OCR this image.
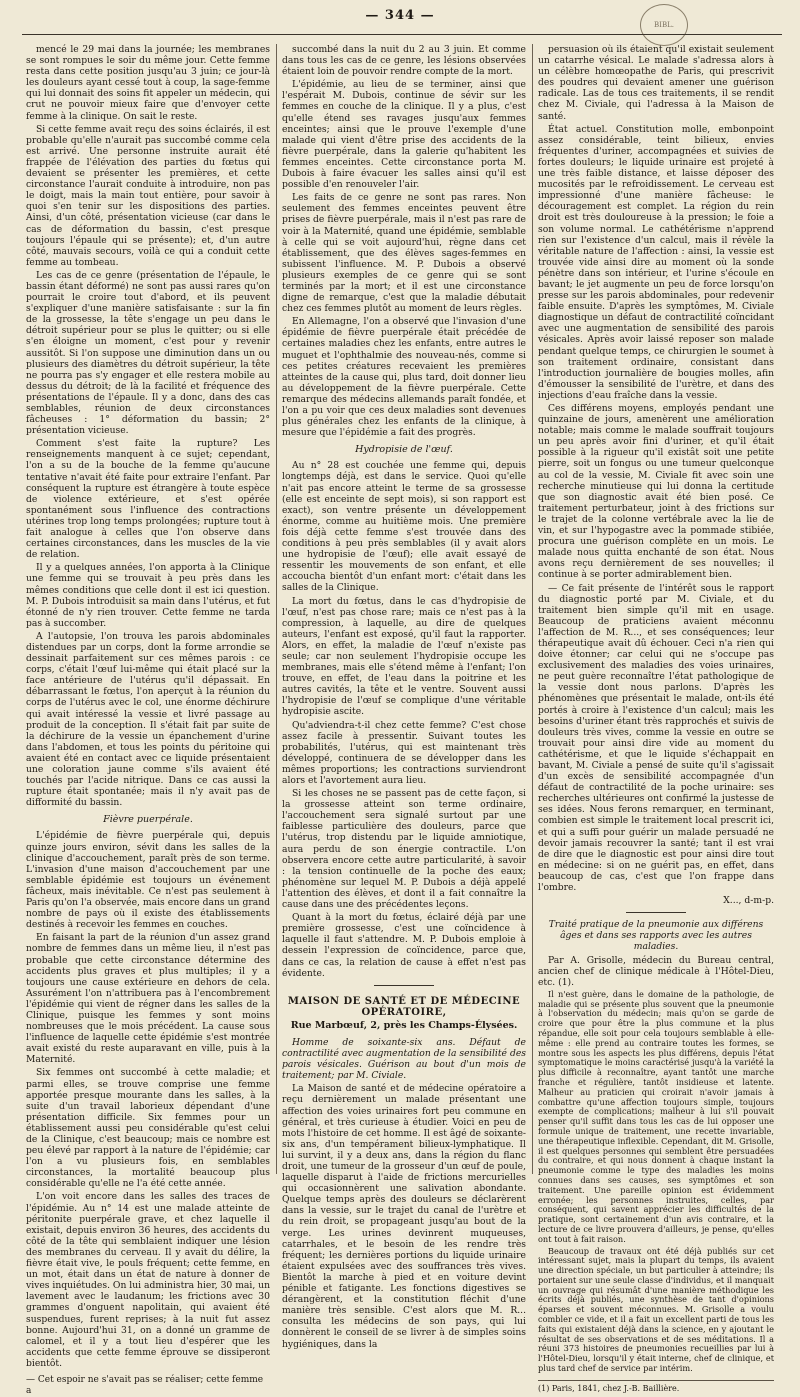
— 344 —
BIBL.

mencé le 29 mai dans la journée; les membranes se sont rompues le soir du même jour. Cette femme resta dans cette position jusqu'au 3 juin; ce jour-là les douleurs ayant cessé tout à coup, la sage-femme qui lui donnait des soins fit appeler un médecin, qui crut ne pouvoir mieux faire que d'envoyer cette femme à la clinique. On sait le reste.

Si cette femme avait reçu des soins éclairés, il est probable qu'elle n'aurait pas succombé comme cela est arrivé. Une personne instruite aurait été frappée de l'élévation des parties du fœtus qui devaient se présenter les premières, et cette circonstance l'aurait conduite à introduire, non pas le doigt, mais la main tout entière, pour savoir à quoi s'en tenir sur les dispositions des parties. Ainsi, d'un côté, présentation vicieuse (car dans le cas de déformation du bassin, c'est presque toujours l'épaule qui se présente); et, d'un autre côté, mauvais secours, voilà ce qui a conduit cette femme au tombeau.

Les cas de ce genre (présentation de l'épaule, le bassin étant déformé) ne sont pas aussi rares qu'on pourrait le croire tout d'abord, et ils peuvent s'expliquer d'une manière satisfaisante : sur la fin de la grossesse, la tête s'engage un peu dans le détroit supérieur pour se plus le quitter; ou si elle s'en éloigne un moment, c'est pour y revenir aussitôt. Si l'on suppose une diminution dans un ou plusieurs des diamètres du détroit supérieur, la tête ne pourra pas s'y engager et elle restera mobile au dessus du détroit; de là la facilité et fréquence des présentations de l'épaule. Il y a donc, dans des cas semblables, réunion de deux circonstances fâcheuses : 1° déformation du bassin; 2° présentation vicieuse.

Comment s'est faite la rupture? Les renseignements manquent à ce sujet; cependant, l'on a su de la bouche de la femme qu'aucune tentative n'avait été faite pour extraire l'enfant. Par conséquent la rupture est étrangère à toute espèce de violence extérieure, et s'est opérée spontanément sous l'influence des contractions utérines trop long temps prolongées; rupture tout à fait analogue à celles que l'on observe dans certaines circonstances, dans les muscles de la vie de relation.

Il y a quelques années, l'on apporta à la Clinique une femme qui se trouvait à peu près dans les mêmes conditions que celle dont il est ici question. M. P. Dubois introduisit sa main dans l'utérus, et fut étonné de n'y rien trouver. Cette femme ne tarda pas à succomber.

A l'autopsie, l'on trouva les parois abdominales distendues par un corps, dont la forme arrondie se dessinait parfaitement sur ces mêmes parois : ce corps, c'était l'œuf lui-même qui était placé sur la face antérieure de l'utérus qu'il dépassait. En débarrassant le fœtus, l'on aperçut à la réunion du corps de l'utérus avec le col, une énorme déchirure qui avait intéressé la vessie et livré passage au produit de la conception. Il s'était fait par suite de la déchirure de la vessie un épanchement d'urine dans l'abdomen, et tous les points du péritoine qui avaient été en contact avec ce liquide présentaient une coloration jaune comme s'ils avaient été touchés par l'acide nitrique. Dans ce cas aussi la rupture était spontanée; mais il n'y avait pas de difformité du bassin.

Fièvre puerpérale.

L'épidémie de fièvre puerpérale qui, depuis quinze jours environ, sévit dans les salles de la clinique d'accouchement, paraît près de son terme. L'invasion d'une maison d'accouchement par une semblable épidémie est toujours un événement fâcheux, mais inévitable. Ce n'est pas seulement à Paris qu'on l'a observée, mais encore dans un grand nombre de pays où il existe des établissements destinés à recevoir les femmes en couches.

En faisant la part de la réunion d'un assez grand nombre de femmes dans un même lieu, il n'est pas probable que cette circonstance détermine des accidents plus graves et plus multiples; il y a toujours une cause extérieure en dehors de cela. Assurément l'on n'attribuera pas à l'encombrement l'épidémie qui vient de régner dans les salles de la Clinique, puisque les femmes y sont moins nombreuses que le mois précédent. La cause sous l'influence de laquelle cette épidémie s'est montrée avait existé du reste auparavant en ville, puis à la Maternité.

Six femmes ont succombé à cette maladie; et parmi elles, se trouve comprise une femme apportée presque mourante dans les salles, à la suite d'un travail laborieux dépendant d'une présentation difficile. Six femmes pour un établissement aussi peu considérable qu'est celui de la Clinique, c'est beaucoup; mais ce nombre est peu élevé par rapport à la nature de l'épidémie; car l'on a vu plusieurs fois, en semblables circonstances, la mortalité beaucoup plus considérable qu'elle ne l'a été cette année.

L'on voit encore dans les salles des traces de l'épidémie. Au n° 14 est une malade atteinte de péritonite puerpérale grave, et chez laquelle il existait, depuis environ 36 heures, des accidents du côté de la tête qui semblaient indiquer une lésion des membranes du cerveau. Il y avait du délire, la fièvre était vive, le pouls fréquent; cette femme, en un mot, était dans un état de nature à donner de vives inquiétudes. On lui administra hier, 30 mai, un lavement avec le laudanum; les frictions avec 30 grammes d'onguent napolitain, qui avaient été suspendues, furent reprises; à la nuit fut assez bonne. Aujourd'hui 31, on a donné un gramme de calomel, et il y a tout lieu d'espérer que les accidents que cette femme éprouve se dissiperont bientôt.

— Cet espoir ne s'avait pas se réaliser; cette femme a

succombé dans la nuit du 2 au 3 juin. Et comme dans tous les cas de ce genre, les lésions observées étaient loin de pouvoir rendre compte de la mort.

L'épidémie, au lieu de se terminer, ainsi que l'espérait M. Dubois, continue de sévir sur les femmes en couche de la clinique. Il y a plus, c'est qu'elle étend ses ravages jusqu'aux femmes enceintes; ainsi que le prouve l'exemple d'une malade qui vient d'être prise des accidents de la fièvre puerpérale, dans la galerie qu'habitent les femmes enceintes. Cette circonstance porta M. Dubois à faire évacuer les salles ainsi qu'il est possible d'en renouveler l'air.

Les faits de ce genre ne sont pas rares. Non seulement des femmes enceintes peuvent être prises de fièvre puerpérale, mais il n'est pas rare de voir à la Maternité, quand une épidémie, semblable à celle qui se voit aujourd'hui, règne dans cet établissement, que des élèves sages-femmes en subissent l'influence. M. P. Dubois a observé plusieurs exemples de ce genre qui se sont terminés par la mort; et il est une circonstance digne de remarque, c'est que la maladie débutait chez ces femmes plutôt au moment de leurs règles.

En Allemagne, l'on a observé que l'invasion d'une épidémie de fièvre puerpérale était précédée de certaines maladies chez les enfants, entre autres le muguet et l'ophthalmie des nouveau-nés, comme si ces petites créatures recevaient les premières atteintes de la cause qui, plus tard, doit donner lieu au développement de la fièvre puerpérale. Cette remarque des médecins allemands paraît fondée, et l'on a pu voir que ces deux maladies sont devenues plus générales chez les enfants de la clinique, à mesure que l'épidémie a fait des progrès.

Hydropisie de l'œuf.

Au n° 28 est couchée une femme qui, depuis longtemps déjà, est dans le service. Quoi qu'elle n'ait pas encore atteint le terme de sa grossesse (elle est enceinte de sept mois), si son rapport est exact), son ventre présente un développement énorme, comme au huitième mois. Une première fois déjà cette femme s'est trouvée dans des conditions à peu près semblables (il y avait alors une hydropisie de l'œuf); elle avait essayé de ressentir les mouvements de son enfant, et elle accoucha bientôt d'un enfant mort: c'était dans les salles de la Clinique.

La mort du fœtus, dans le cas d'hydropisie de l'œuf, n'est pas chose rare; mais ce n'est pas à la compression, à laquelle, au dire de quelques auteurs, l'enfant est exposé, qu'il faut la rapporter. Alors, en effet, la maladie de l'œuf n'existe pas seule; car non seulement l'hydropisie occupe les membranes, mais elle s'étend même à l'enfant; l'on trouve, en effet, de l'eau dans la poitrine et les autres cavités, la tête et le ventre. Souvent aussi l'hydropisie de l'œuf se complique d'une véritable hydropisie ascite.

Qu'adviendra-t-il chez cette femme? C'est chose assez facile à pressentir. Suivant toutes les probabilités, l'utérus, qui est maintenant très développé, continuera de se développer dans les mêmes proportions; les contractions surviendront alors et l'avortement aura lieu.

Si les choses ne se passent pas de cette façon, si la grossesse atteint son terme ordinaire, l'accouchement sera signalé surtout par une faiblesse particulière des douleurs, parce que l'utérus, trop distendu par le liquide amniotique, aura perdu de son énergie contractile. L'on observera encore cette autre particularité, à savoir : la tension continuelle de la poche des eaux; phénomène sur lequel M. P. Dubois a déjà appelé l'attention des élèves, et dont il a fait connaître la cause dans une des précédentes leçons.

Quant à la mort du fœtus, éclairé déjà par une première grossesse, c'est une coïncidence à laquelle il faut s'attendre. M. P. Dubois emploie à dessein l'expression de coïncidence, parce que, dans ce cas, la relation de cause à effet n'est pas évidente.

MAISON DE SANTÉ ET DE MÉDECINE OPÉRATOIRE,
Rue Marbœuf, 2, près les Champs-Élysées.

Homme de soixante-six ans. Défaut de contractilité avec augmentation de la sensibilité des parois vésicales. Guérison au bout d'un mois de traitement; par M. Civiale.

La Maison de santé et de médecine opératoire a reçu dernièrement un malade présentant une affection des voies urinaires fort peu commune en général, et très curieuse à étudier. Voici en peu de mots l'histoire de cet homme. Il est âgé de soixante-six ans, d'un tempérament bilieux-lymphatique. Il lui survint, il y a deux ans, dans la région du flanc droit, une tumeur de la grosseur d'un œuf de poule, laquelle disparut à l'aide de frictions mercurielles qui occasionnèrent une salivation abondante. Quelque temps après des douleurs se déclarèrent dans la vessie, sur le trajet du canal de l'urètre et du rein droit, se propageant jusqu'au bout de la verge. Les urines devinrent muqueuses, catarrhales, et le besoin de les rendre très fréquent; les dernières portions du liquide urinaire étaient expulsées avec des souffrances très vives. Bientôt la marche à pied et en voiture devint pénible et fatigante. Les fonctions digestives se dérangèrent, et la constitution fléchit d'une manière très sensible. C'est alors que M. R... consulta les médecins de son pays, qui lui donnèrent le conseil de se livrer à de simples soins hygiéniques, dans la

persuasion où ils étaient qu'il existait seulement un catarrhe vésical. Le malade s'adressa alors à un célèbre homœopathe de Paris, qui prescrivit des poudres qui devaient amener une guérison radicale. Las de tous ces traitements, il se rendit chez M. Civiale, qui l'adressa à la Maison de santé.

État actuel. Constitution molle, embonpoint assez considérable, teint bilieux, envies fréquentes d'uriner, accompagnées et suivies de fortes douleurs; le liquide urinaire est projeté à une très faible distance, et laisse déposer des mucosités par le refroidissement. Le cerveau est impressionné d'une manière fâcheuse: le découragement est complet. La région du rein droit est très douloureuse à la pression; le foie a son volume normal. Le cathétérisme n'apprend rien sur l'existence d'un calcul, mais il révèle la véritable nature de l'affection : ainsi, la vessie est trouvée vide ainsi dire au moment où la sonde pénètre dans son intérieur, et l'urine s'écoule en bavant; le jet augmente un peu de force lorsqu'on presse sur les parois abdominales, pour redevenir faible ensuite. D'après les symptômes, M. Civiale diagnostique un défaut de contractilité coïncidant avec une augmentation de sensibilité des parois vésicales. Après avoir laissé reposer son malade pendant quelque temps, ce chirurgien le soumet à son traitement ordinaire, consistant dans l'introduction journalière de bougies molles, afin d'émousser la sensibilité de l'urètre, et dans des injections d'eau fraîche dans la vessie.

Ces différens moyens, employés pendant une quinzaine de jours, amenèrent une amélioration notable; mais comme le malade souffrait toujours un peu après avoir fini d'uriner, et qu'il était possible à la rigueur qu'il existât soit une petite pierre, soit un fongus ou une tumeur quelconque au col de la vessie, M. Civiale fit avec soin une recherche minutieuse qui lui donna la certitude que son diagnostic avait été bien posé. Ce traitement perturbateur, joint à des frictions sur le trajet de la colonne vertébrale avec la lie de vin, et sur l'hypogastre avec la pommade stibiée, procura une guérison complète en un mois. Le malade nous quitta enchanté de son état. Nous avons reçu dernièrement de ses nouvelles; il continue à se porter admirablement bien.

— Ce fait présente de l'intérêt sous le rapport du diagnostic porté par M. Civiale, et du traitement bien simple qu'il mit en usage. Beaucoup de praticiens avaient méconnu l'affection de M. R..., et ses conséquences; leur thérapeutique avait dû échouer. Ceci n'a rien qui doive étonner; car celui qui ne s'occupe pas exclusivement des maladies des voies urinaires, ne peut guère reconnaître l'état pathologique de la vessie dont nous parlons. D'après les phénomènes que présentait le malade, ont-ils été portés à croire à l'existence d'un calcul; mais les besoins d'uriner étant très rapprochés et suivis de douleurs très vives, comme la vessie en outre se trouvait pour ainsi dire vide au moment du cathétérisme, et que le liquide s'échappait en bavant, M. Civiale a pensé de suite qu'il s'agissait d'un excès de sensibilité accompagnée d'un défaut de contractilité de la poche urinaire: ses recherches ultérieures ont confirmé la justesse de ses idées. Nous ferons remarquer, en terminant, combien est simple le traitement local prescrit ici, et qui a suffi pour guérir un malade persuadé ne devoir jamais recouvrer la santé; tant il est vrai de dire que le diagnostic est pour ainsi dire tout en médecine: si on ne guérit pas, en effet, dans beaucoup de cas, c'est que l'on frappe dans l'ombre.

X..., d-m-p.

Traité pratique de la pneumonie aux différens âges et dans ses rapports avec les autres maladies.

Par A. Grisolle, médecin du Bureau central, ancien chef de clinique médicale à l'Hôtel-Dieu, etc. (1).

Il n'est guère, dans le domaine de la pathologie, de maladie qui se présente plus souvent que la pneumonie à l'observation du médecin; mais qu'on se garde de croire que pour être la plus commune et la plus répandue, elle soit pour cela toujours semblable à elle-même : elle prend au contraire toutes les formes, se montre sous les aspects les plus différens, depuis l'état symptomatique le moins caractérisé jusqu'à la variété la plus difficile à reconnaître, ayant tantôt une marche franche et régulière, tantôt insidieuse et latente. Malheur au praticien qui croirait n'avoir jamais à combattre qu'une affection toujours simple, toujours exempte de complications; malheur à lui s'il pouvait penser qu'il suffit dans tous les cas de lui opposer une formule unique de traitement, une recette invariable, une thérapeutique inflexible. Cependant, dit M. Grisolle, il est quelques personnes qui semblent être persuadées du contraire, et qui nous donnent à chaque instant la pneumonie comme le type des maladies les moins connues dans ses causes, ses symptômes et son traitement. Une pareille opinion est évidemment erronée; les personnes instruites, celles, par conséquent, qui savent apprécier les difficultés de la pratique, sont certainement d'un avis contraire, et la lecture de ce livre prouvera d'ailleurs, je pense, qu'elles ont tout à fait raison.

Beaucoup de travaux ont été déjà publiés sur cet intéressant sujet, mais la plupart du temps, ils avaient une direction spéciale, un but particulier à atteindre; ils portaient sur une seule classe d'individus, et il manquait un ouvrage qui résumât d'une manière méthodique les écrits déjà publiés, une synthèse de tant d'opinions éparses et souvent méconnues. M. Grisolle a voulu combler ce vide, et il a fait un excellent parti de tous les faits qui existaient déjà dans la science, en y ajoutant le résultat de ses observations et de ses méditations. Il a réuni 373 histoires de pneumonies recueillies par lui à l'Hôtel-Dieu, lorsqu'il y était interne, chef de clinique, et plus tard chef de service par intérim.

(1) Paris, 1841, chez J.-B. Baillière.
